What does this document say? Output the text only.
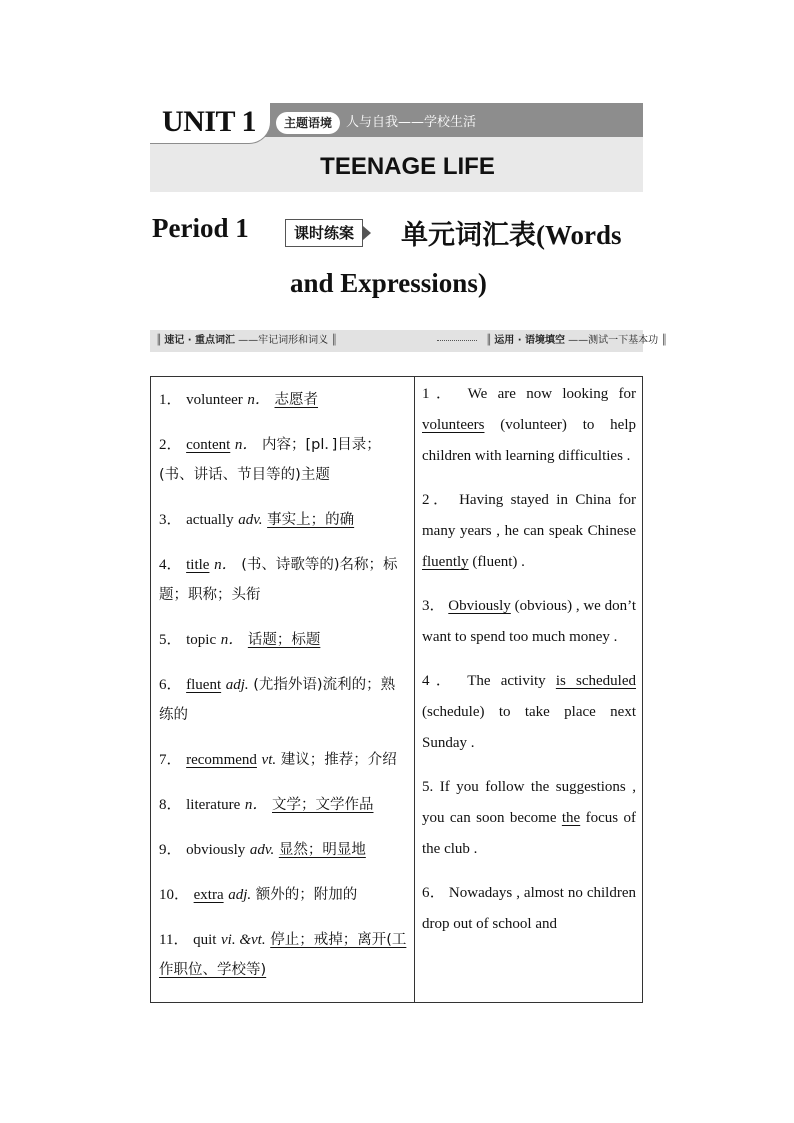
UNIT 1	主题语境	人与自我——学校生活
TEENAGE LIFE
Period 1	课时练案	单元词汇表(Words
and Expressions)
║ 速记 · 重点词汇 ——牢记词形和词义 ║	║ 运用 · 语境填空 ——测试一下基本功 ║

1． volunteer n． 志愿者

2． content n． 内容；[pl．]目录；(书、讲话、节目等的)主题

3． actually adv. 事实上；的确

4． title n． (书、诗歌等的)名称；标题；职称；头衔

5． topic n． 话题；标题

6． fluent adj. (尤指外语)流利的；熟练的

7． recommend vt. 建议；推荐；介绍

8． literature n． 文学；文学作品

9． obviously adv. 显然；明显地

10． extra adj. 额外的；附加的

11． quit vi. &vt. 停止；戒掉；离开(工作职位、学校等)

1． We are now looking for volunteers (volunteer) to help children with learning difficulties .

2． Having stayed in China for many years , he can speak Chinese fluently (fluent) .

3． Obviously (obvious) , we don’t want to spend too much money .

4． The activity is scheduled (schedule) to take place next Sunday .

5. If you follow the suggestions , you can soon become the focus of the club .

6． Nowadays , almost no children drop out of school and
